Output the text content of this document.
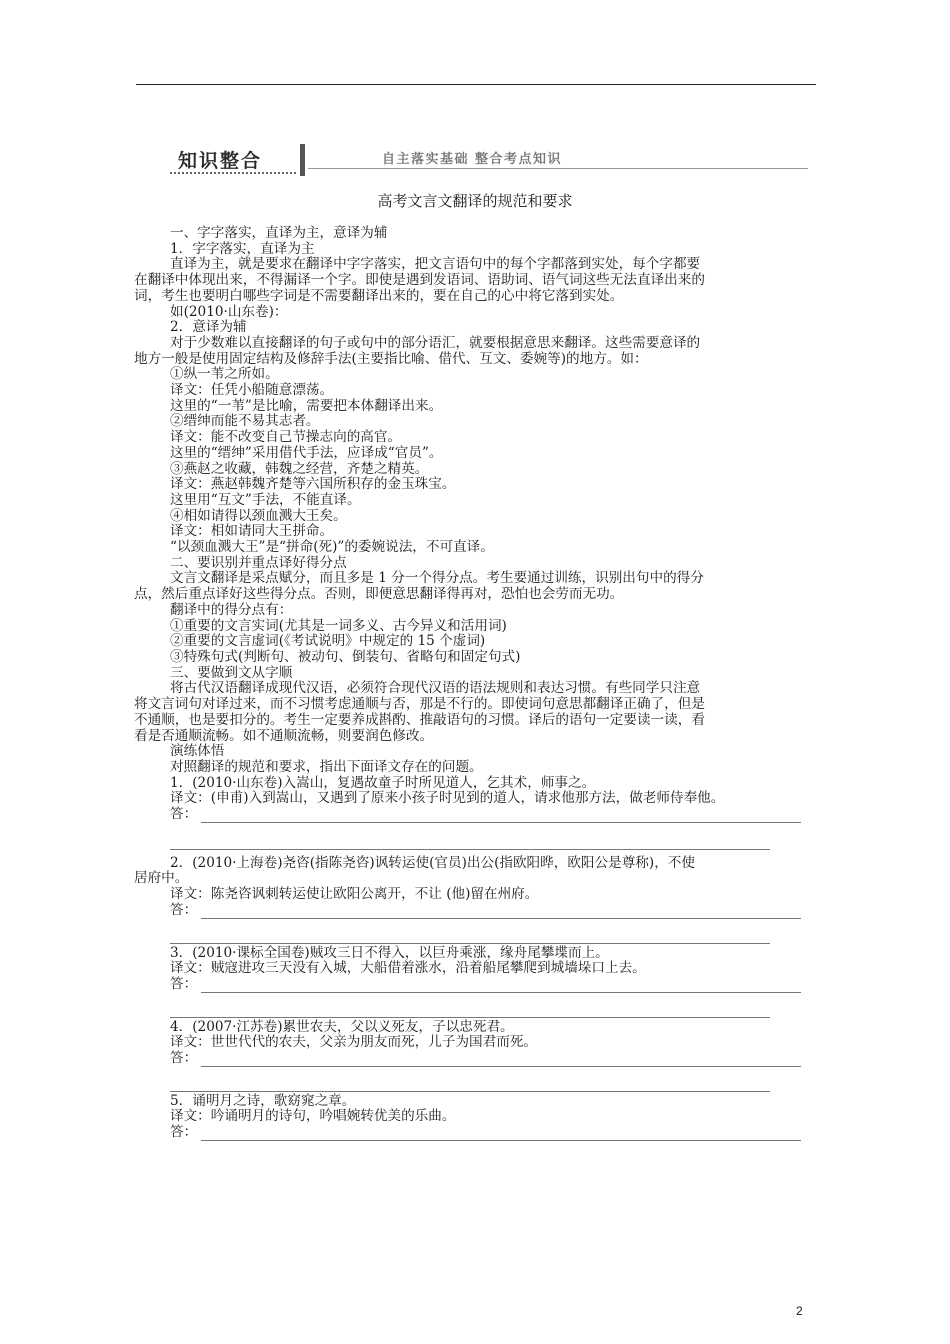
知识整合	自主落实基础 整合考点知识
高考文言文翻译的规范和要求
一、字字落实，直译为主，意译为辅
1．字字落实，直译为主
直译为主，就是要求在翻译中字字落实，把文言语句中的每个字都落到实处，每个字都要
在翻译中体现出来，不得漏译一个字。即使是遇到发语词、语助词、语气词这些无法直译出来的
词，考生也要明白哪些字词是不需要翻译出来的，要在自己的心中将它落到实处。
如(2010·山东卷)：
2．意译为辅
对于少数难以直接翻译的句子或句中的部分语汇，就要根据意思来翻译。这些需要意译的
地方一般是使用固定结构及修辞手法(主要指比喻、借代、互文、委婉等)的地方。如：
①纵一苇之所如。
译文：任凭小船随意漂荡。
这里的“一苇”是比喻，需要把本体翻译出来。
②缙绅而能不易其志者。
译文：能不改变自己节操志向的高官。
这里的“缙绅”采用借代手法，应译成“官员”。
③燕赵之收藏，韩魏之经营，齐楚之精英。
译文：燕赵韩魏齐楚等六国所积存的金玉珠宝。
这里用“互文”手法，不能直译。
④相如请得以颈血溅大王矣。
译文：相如请同大王拼命。
“以颈血溅大王”是“拼命(死)”的委婉说法，不可直译。
二、要识别并重点译好得分点
文言文翻译是采点赋分，而且多是 1 分一个得分点。考生要通过训练，识别出句中的得分
点，然后重点译好这些得分点。否则，即便意思翻译得再对，恐怕也会劳而无功。
翻译中的得分点有：
①重要的文言实词(尤其是一词多义、古今异义和活用词)
②重要的文言虚词(《考试说明》中规定的 15 个虚词)
③特殊句式(判断句、被动句、倒装句、省略句和固定句式)
三、要做到文从字顺
将古代汉语翻译成现代汉语，必须符合现代汉语的语法规则和表达习惯。有些同学只注意
将文言词句对译过来，而不习惯考虑通顺与否，那是不行的。即使词句意思都翻译正确了，但是
不通顺，也是要扣分的。考生一定要养成斟酌、推敲语句的习惯。译后的语句一定要读一读，看
看是否通顺流畅。如不通顺流畅，则要润色修改。
演练体悟
对照翻译的规范和要求，指出下面译文存在的问题。
1．(2010·山东卷)入嵩山，复遇故童子时所见道人，乞其术，师事之。
译文：(申甫)入到嵩山，又遇到了原来小孩子时见到的道人，请求他那方法，做老师侍奉他。
答：
2．(2010·上海卷)尧咨(指陈尧咨)讽转运使(官员)出公(指欧阳晔，欧阳公是尊称)，不使
居府中。
译文：陈尧咨讽刺转运使让欧阳公离开，不让 (他)留在州府。
答：
3．(2010·课标全国卷)贼攻三日不得入，以巨舟乘涨，缘舟尾攀堞而上。
译文：贼寇进攻三天没有入城，大船借着涨水，沿着船尾攀爬到城墙垛口上去。
答：
4．(2007·江苏卷)累世农夫，父以义死友，子以忠死君。
译文：世世代代的农夫，父亲为朋友而死，儿子为国君而死。
答：
5．诵明月之诗，歌窈窕之章。
译文：吟诵明月的诗句，吟唱婉转优美的乐曲。
答：
2
